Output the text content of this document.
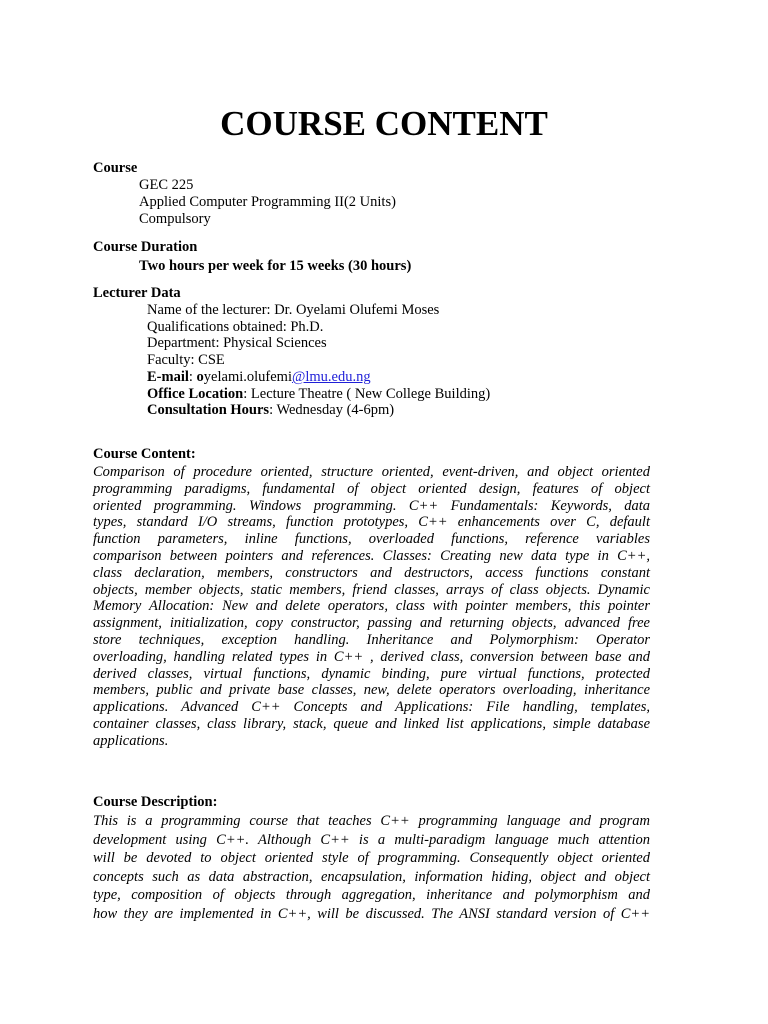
COURSE CONTENT
Course
GEC 225
Applied Computer Programming II(2 Units)
Compulsory
Course Duration
Two hours per week for 15 weeks (30 hours)
Lecturer Data
Name of the lecturer: Dr. Oyelami Olufemi Moses
Qualifications obtained: Ph.D.
Department: Physical Sciences
Faculty: CSE
E-mail: oyelami.olufemi@lmu.edu.ng
Office Location: Lecture Theatre ( New College Building)
Consultation Hours: Wednesday (4-6pm)
Course Content:
Comparison of procedure oriented, structure oriented, event-driven, and object oriented
programming paradigms, fundamental of object oriented design, features of object
oriented programming. Windows programming. C++ Fundamentals: Keywords, data
types, standard I/O streams, function prototypes, C++ enhancements over C, default
function parameters, inline functions, overloaded functions, reference variables
comparison between pointers and references. Classes: Creating new data type in C++,
class declaration, members, constructors and destructors, access functions constant
objects, member objects, static members, friend classes, arrays of class objects. Dynamic
Memory Allocation: New and delete operators, class with pointer members, this pointer
assignment, initialization, copy constructor, passing and returning objects, advanced free
store techniques, exception handling. Inheritance and Polymorphism: Operator
overloading, handling related types in C++ , derived class, conversion between base and
derived classes, virtual functions, dynamic binding, pure virtual functions, protected
members, public and private base classes, new, delete operators overloading, inheritance
applications. Advanced C++ Concepts and Applications: File handling, templates,
container classes, class library, stack, queue and linked list applications, simple database
applications.
Course Description:
This is a programming course that teaches C++ programming language and program
development using C++. Although C++ is a multi-paradigm language much attention
will be devoted to object oriented style of programming. Consequently object oriented
concepts such as data abstraction, encapsulation, information hiding, object and object
type, composition of objects through aggregation, inheritance and polymorphism and
how they are implemented in C++, will be discussed. The ANSI standard version of C++
